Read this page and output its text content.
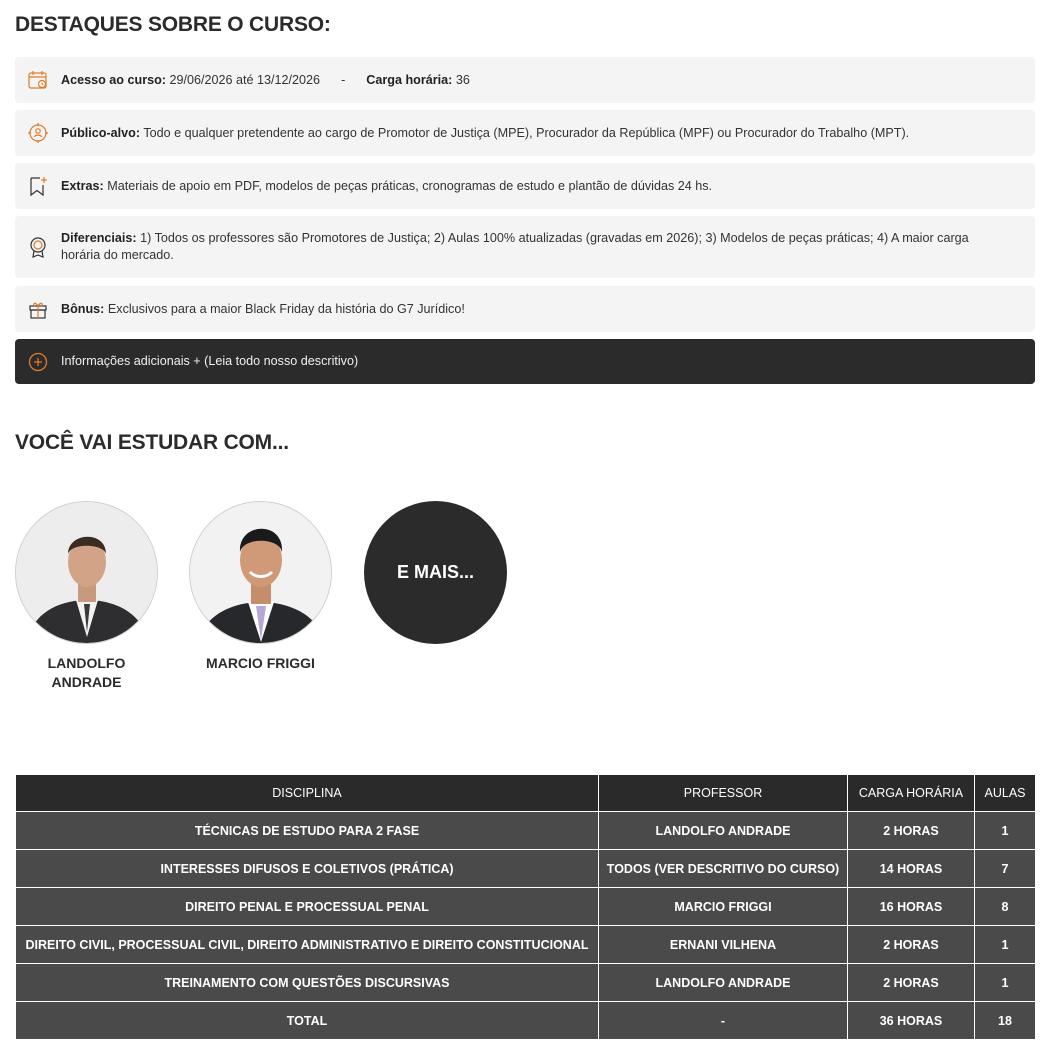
DESTAQUES SOBRE O CURSO:
Acesso ao curso: 29/06/2026 até 13/12/2026 - Carga horária: 36
Público-alvo: Todo e qualquer pretendente ao cargo de Promotor de Justiça (MPE), Procurador da República (MPF) ou Procurador do Trabalho (MPT).
Extras: Materiais de apoio em PDF, modelos de peças práticas, cronogramas de estudo e plantão de dúvidas 24 hs.
Diferenciais: 1) Todos os professores são Promotores de Justiça; 2) Aulas 100% atualizadas (gravadas em 2026); 3) Modelos de peças práticas; 4) A maior carga horária do mercado.
Bônus: Exclusivos para a maior Black Friday da história do G7 Jurídico!
Informações adicionais + (Leia todo nosso descritivo)
VOCÊ VAI ESTUDAR COM...
LANDOLFO ANDRADE
MARCIO FRIGGI
E MAIS...
DISCIPLINA	PROFESSOR	CARGA HORÁRIA	AULAS
TÉCNICAS DE ESTUDO PARA 2 FASE	LANDOLFO ANDRADE	2 HORAS	1
INTERESSES DIFUSOS E COLETIVOS (PRÁTICA)	TODOS (VER DESCRITIVO DO CURSO)	14 HORAS	7
DIREITO PENAL E PROCESSUAL PENAL	MARCIO FRIGGI	16 HORAS	8
DIREITO CIVIL, PROCESSUAL CIVIL, DIREITO ADMINISTRATIVO E DIREITO CONSTITUCIONAL	ERNANI VILHENA	2 HORAS	1
TREINAMENTO COM QUESTÕES DISCURSIVAS	LANDOLFO ANDRADE	2 HORAS	1
TOTAL	-	36 HORAS	18
